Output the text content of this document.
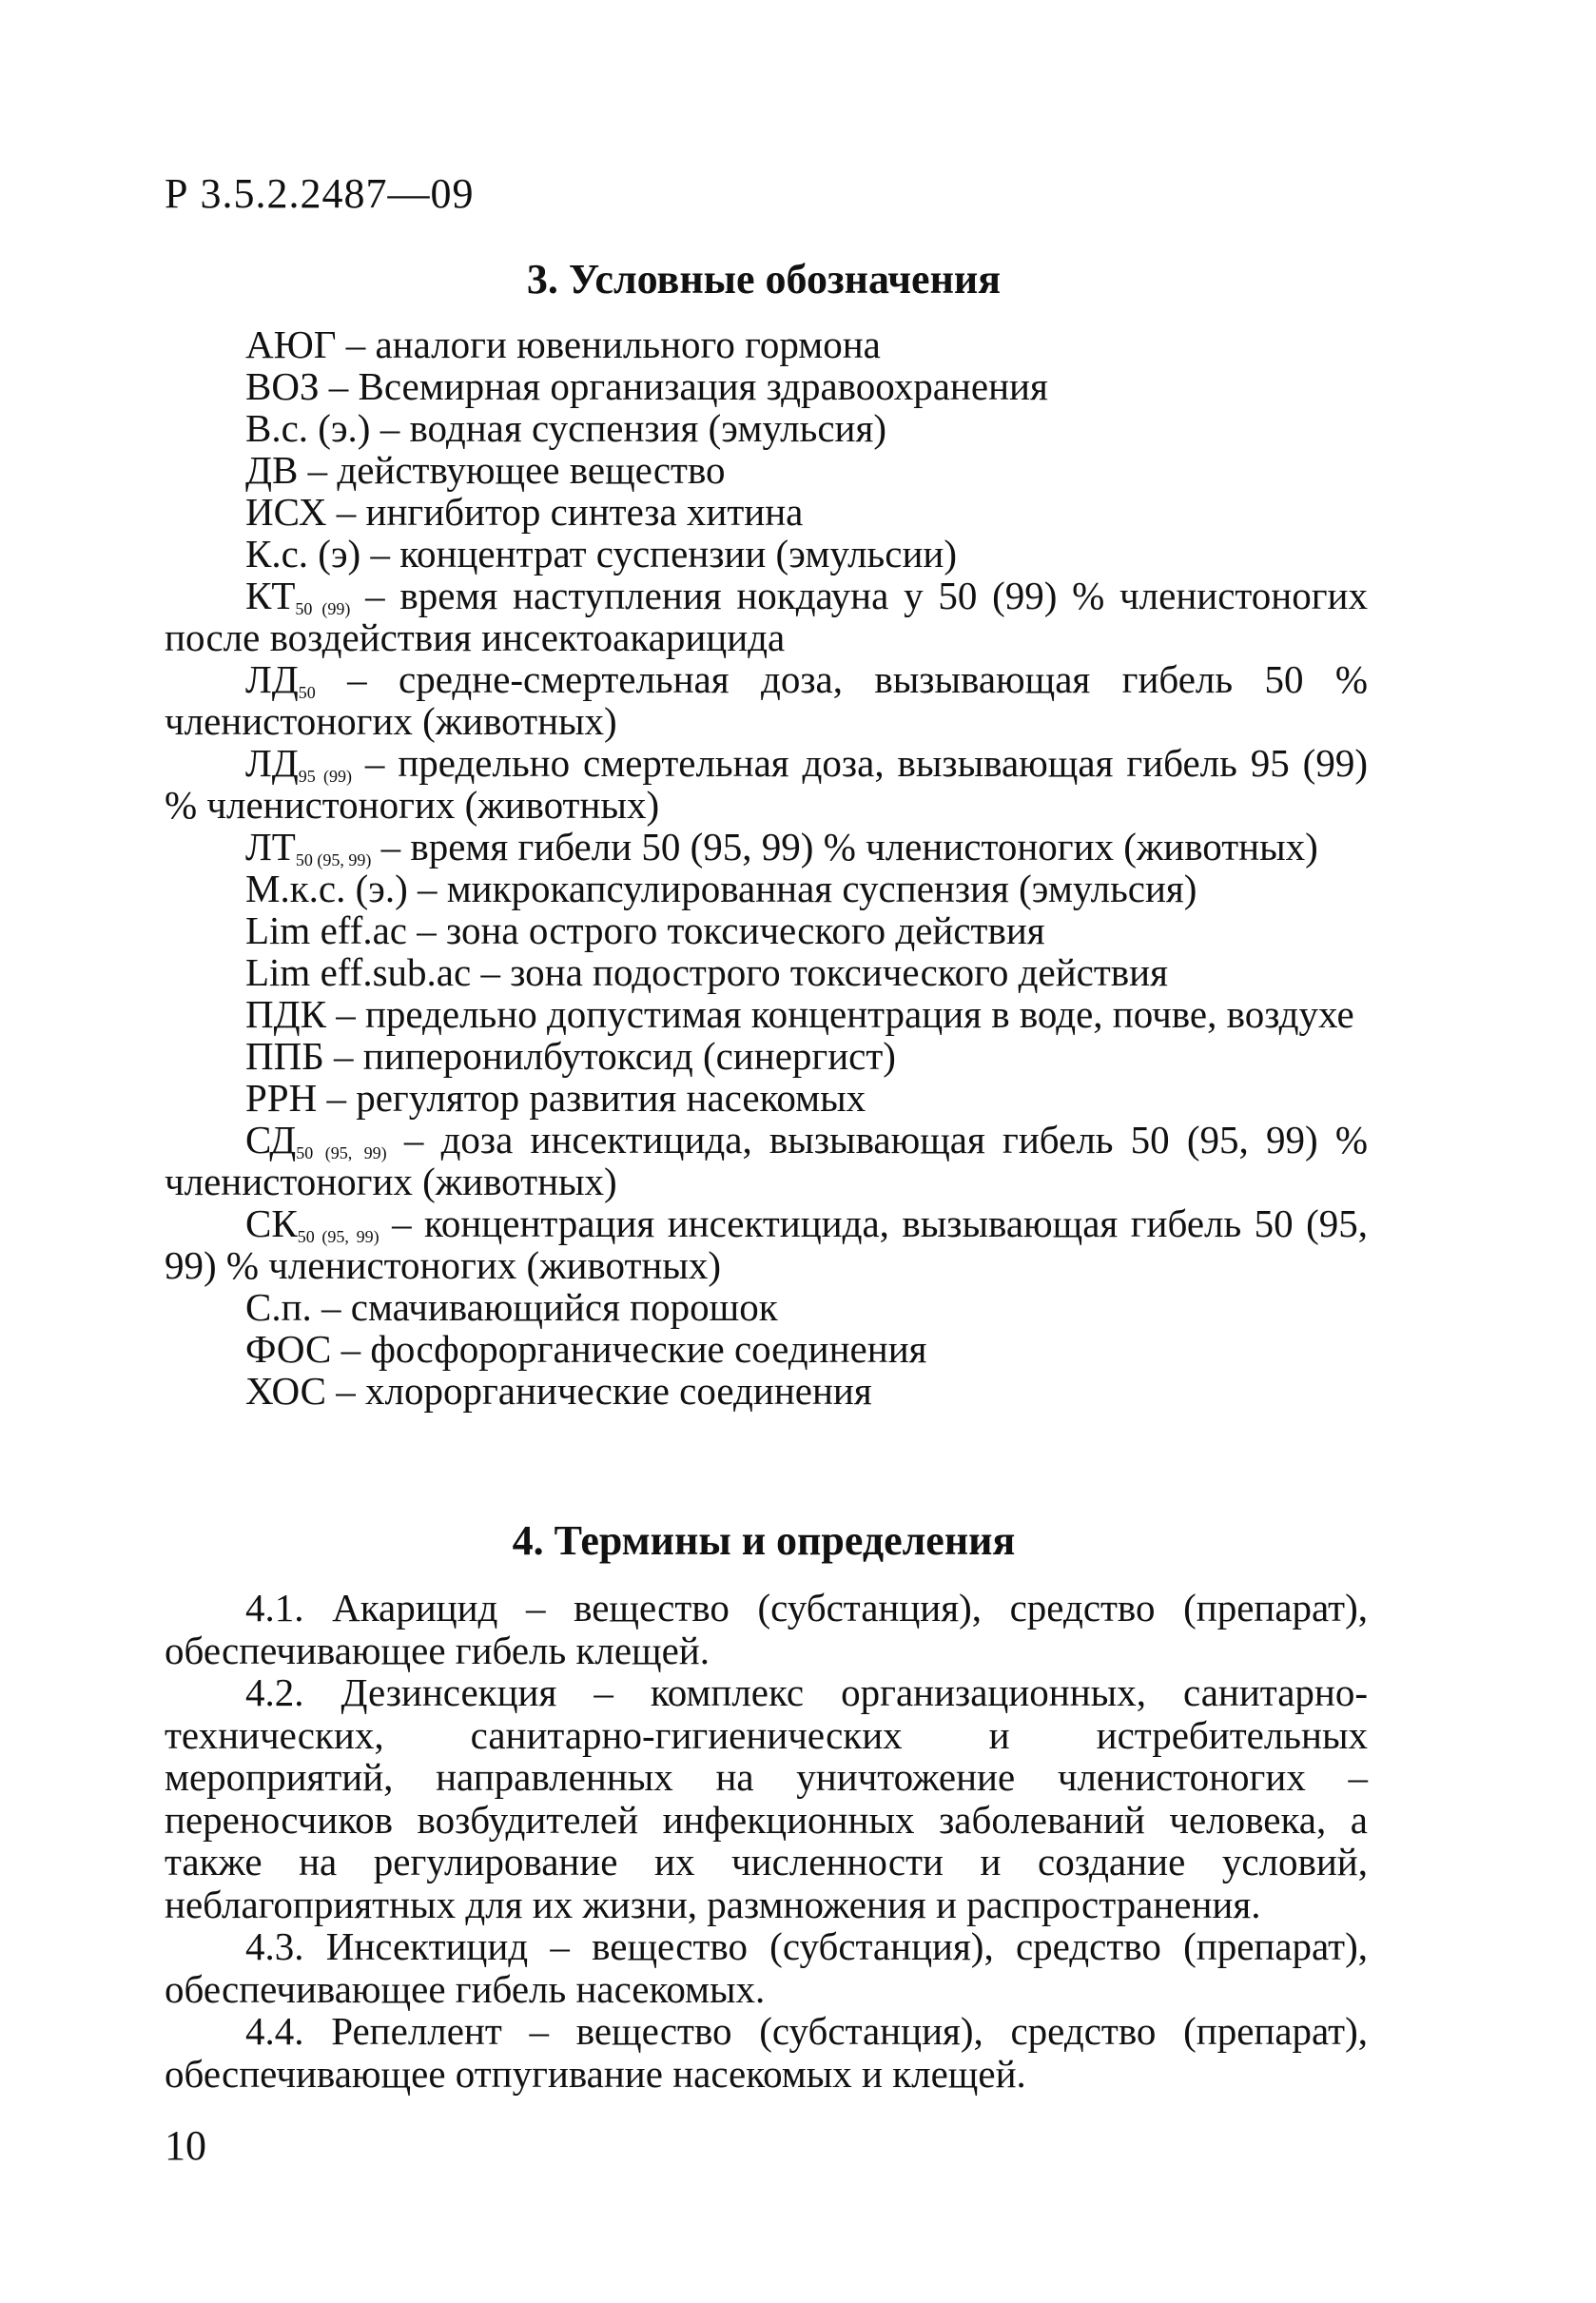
Р 3.5.2.2487—09
3. Условные обозначения
АЮГ – аналоги ювенильного гормона
ВОЗ – Всемирная организация здравоохранения
В.с. (э.) – водная суспензия (эмульсия)
ДВ – действующее вещество
ИСХ – ингибитор синтеза хитина
К.с. (э) – концентрат суспензии (эмульсии)
$КТ_{50 (99)}$ – время наступления нокдауна у 50 (99) % членистоногих после воздействия инсектоакарицида
$ЛД_{50}$ – средне-смертельная доза, вызывающая гибель 50 % членистоногих (животных)
$ЛД_{95 (99)}$ – предельно смертельная доза, вызывающая гибель 95 (99) % членистоногих (животных)
$ЛТ_{50 (95, 99)}$ – время гибели 50 (95, 99) % членистоногих (животных)
М.к.с. (э.) – микрокапсулированная суспензия (эмульсия)
Lim eff.ac – зона острого токсического действия
Lim eff.sub.ac – зона подострого токсического действия
ПДК – предельно допустимая концентрация в воде, почве, воздухе
ППБ – пиперонилбутоксид (синергист)
РРН – регулятор развития насекомых
$СД_{50 (95, 99)}$ – доза инсектицида, вызывающая гибель 50 (95, 99) % членистоногих (животных)
$СК_{50 (95, 99)}$ – концентрация инсектицида, вызывающая гибель 50 (95, 99) % членистоногих (животных)
С.п. – смачивающийся порошок
ФОС – фосфорорганические соединения
ХОС – хлорорганические соединения
4. Термины и определения
4.1. Акарицид – вещество (субстанция), средство (препарат), обеспечивающее гибель клещей.
4.2. Дезинсекция – комплекс организационных, санитарно-технических, санитарно-гигиенических и истребительных мероприятий, направленных на уничтожение членистоногих – переносчиков возбудителей инфекционных заболеваний человека, а также на регулирование их численности и создание условий, неблагоприятных для их жизни, размножения и распространения.
4.3. Инсектицид – вещество (субстанция), средство (препарат), обеспечивающее гибель насекомых.
4.4. Репеллент – вещество (субстанция), средство (препарат), обеспечивающее отпугивание насекомых и клещей.
10
